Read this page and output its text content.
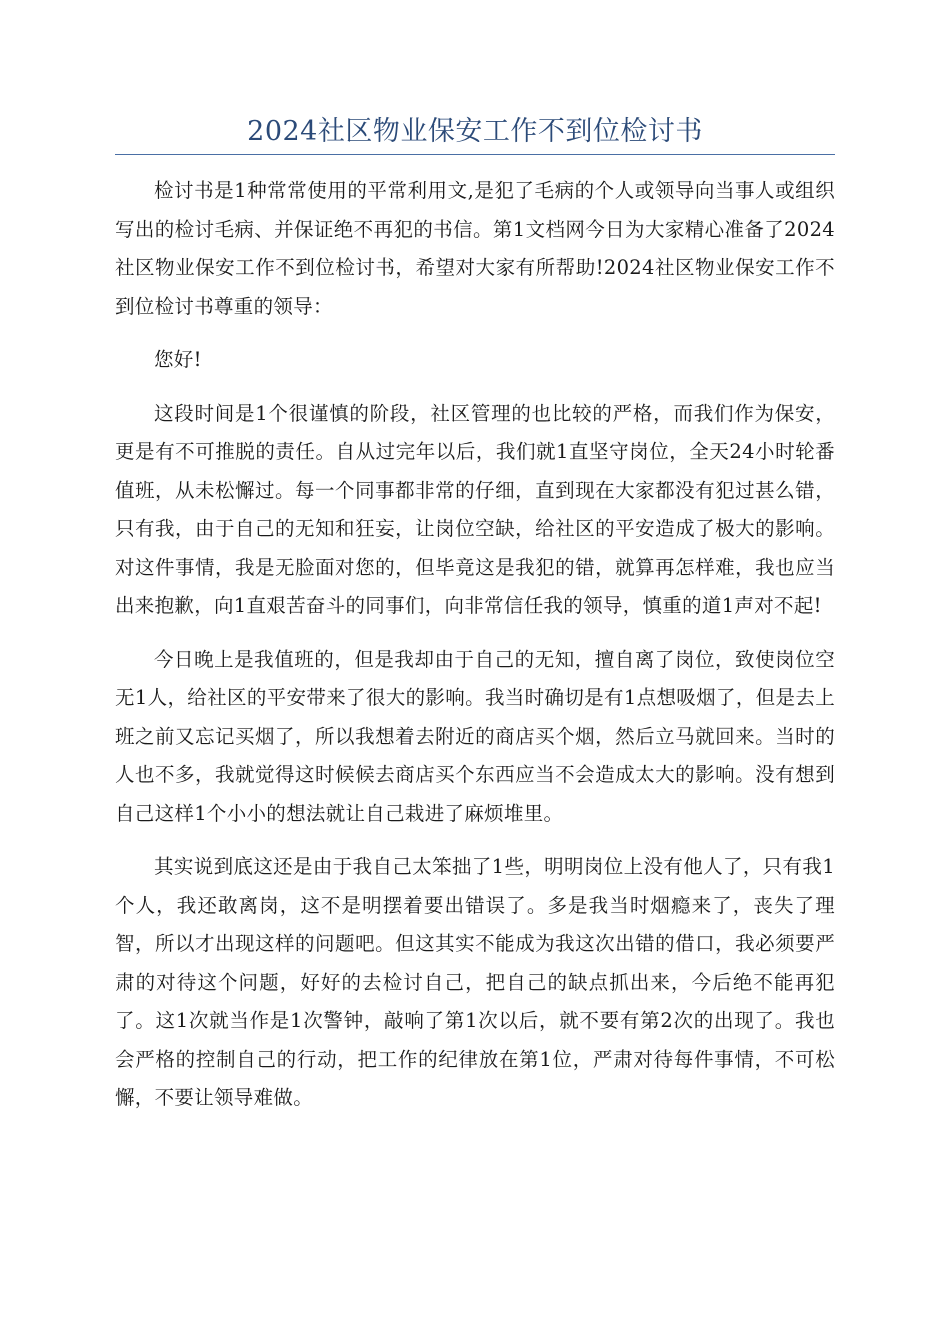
2024社区物业保安工作不到位检讨书

检讨书是1种常常使用的平常利用文,是犯了毛病的个人或领导向当事人或组织写出的检讨毛病、并保证绝不再犯的书信。第1文档网今日为大家精心准备了2024社区物业保安工作不到位检讨书，希望对大家有所帮助!2024社区物业保安工作不到位检讨书尊重的领导：

您好!

这段时间是1个很谨慎的阶段，社区管理的也比较的严格，而我们作为保安，更是有不可推脱的责任。自从过完年以后，我们就1直坚守岗位，全天24小时轮番值班，从未松懈过。每一个同事都非常的仔细，直到现在大家都没有犯过甚么错，只有我，由于自己的无知和狂妄，让岗位空缺，给社区的平安造成了极大的影响。对这件事情，我是无脸面对您的，但毕竟这是我犯的错，就算再怎样难，我也应当出来抱歉，向1直艰苦奋斗的同事们，向非常信任我的领导，慎重的道1声对不起!

今日晚上是我值班的，但是我却由于自己的无知，擅自离了岗位，致使岗位空无1人，给社区的平安带来了很大的影响。我当时确切是有1点想吸烟了，但是去上班之前又忘记买烟了，所以我想着去附近的商店买个烟，然后立马就回来。当时的人也不多，我就觉得这时候候去商店买个东西应当不会造成太大的影响。没有想到自己这样1个小小的想法就让自己栽进了麻烦堆里。

其实说到底这还是由于我自己太笨拙了1些，明明岗位上没有他人了，只有我1个人，我还敢离岗，这不是明摆着要出错误了。多是我当时烟瘾来了，丧失了理智，所以才出现这样的问题吧。但这其实不能成为我这次出错的借口，我必须要严肃的对待这个问题，好好的去检讨自己，把自己的缺点抓出来，今后绝不能再犯了。这1次就当作是1次警钟，敲响了第1次以后，就不要有第2次的出现了。我也会严格的控制自己的行动，把工作的纪律放在第1位，严肃对待每件事情，不可松懈，不要让领导难做。
